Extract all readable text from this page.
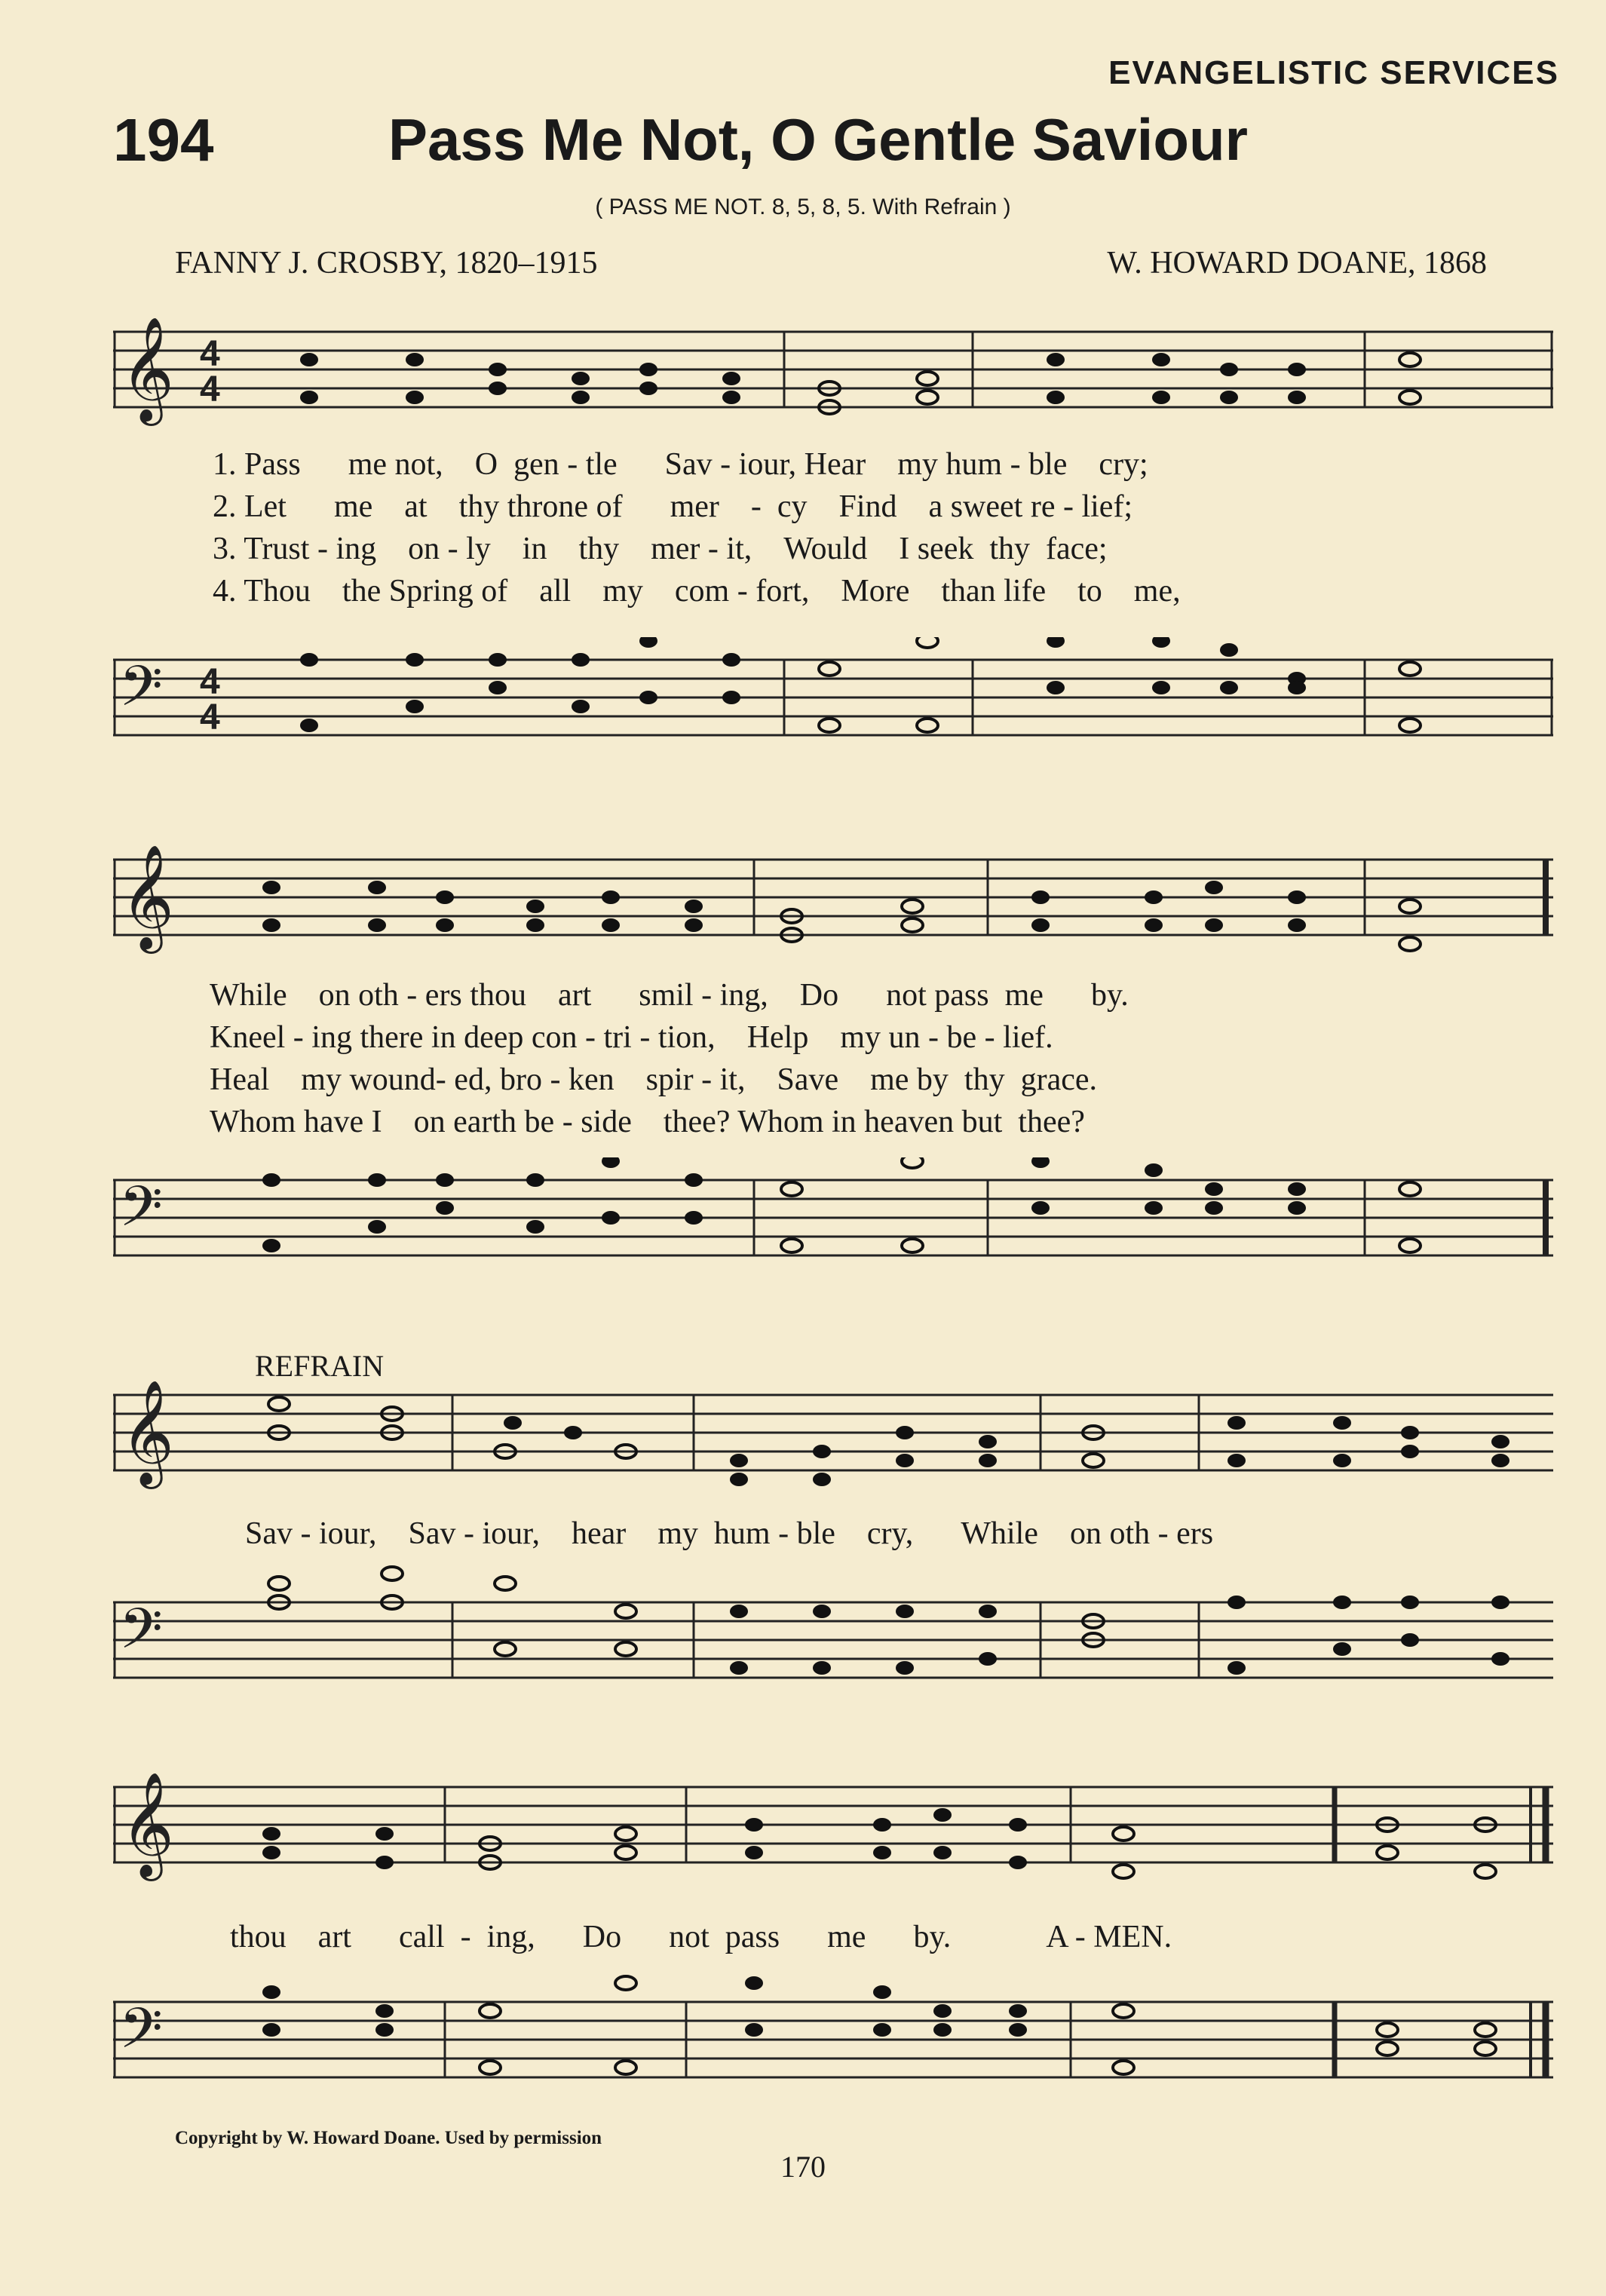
EVANGELISTIC SERVICES
194	Pass Me Not, O Gentle Saviour
( PASS ME NOT. 8, 5, 8, 5. With Refrain )
FANNY J. CROSBY, 1820–1915	W. HOWARD DOANE, 1868
𝄞 4
4
1. Pass   me not,  O  gen - tle   Sav - iour, Hear  my hum - ble  cry;
2. Let   me  at  thy throne of   mer  -  cy  Find  a sweet re - lief;
3. Trust - ing  on - ly  in  thy  mer - it,  Would  I seek  thy  face;
4. Thou  the Spring of  all  my  com - fort,  More  than life  to  me,
𝄢 4
4
𝄞
While  on oth - ers thou  art   smil - ing,  Do   not pass  me   by.
Kneel - ing there in deep con - tri - tion,  Help  my un - be - lief.
Heal  my wound- ed, bro - ken  spir - it,  Save  me by  thy  grace.
Whom have I  on earth be - side  thee? Whom in heaven but  thee?
𝄢
REFRAIN
𝄞
Sav - iour,  Sav - iour,  hear  my  hum - ble  cry,   While  on oth - ers
𝄢
𝄞
thou  art   call  -  ing,   Do   not  pass   me   by.   	A - MEN.
𝄢
Copyright by W. Howard Doane. Used by permission
170
